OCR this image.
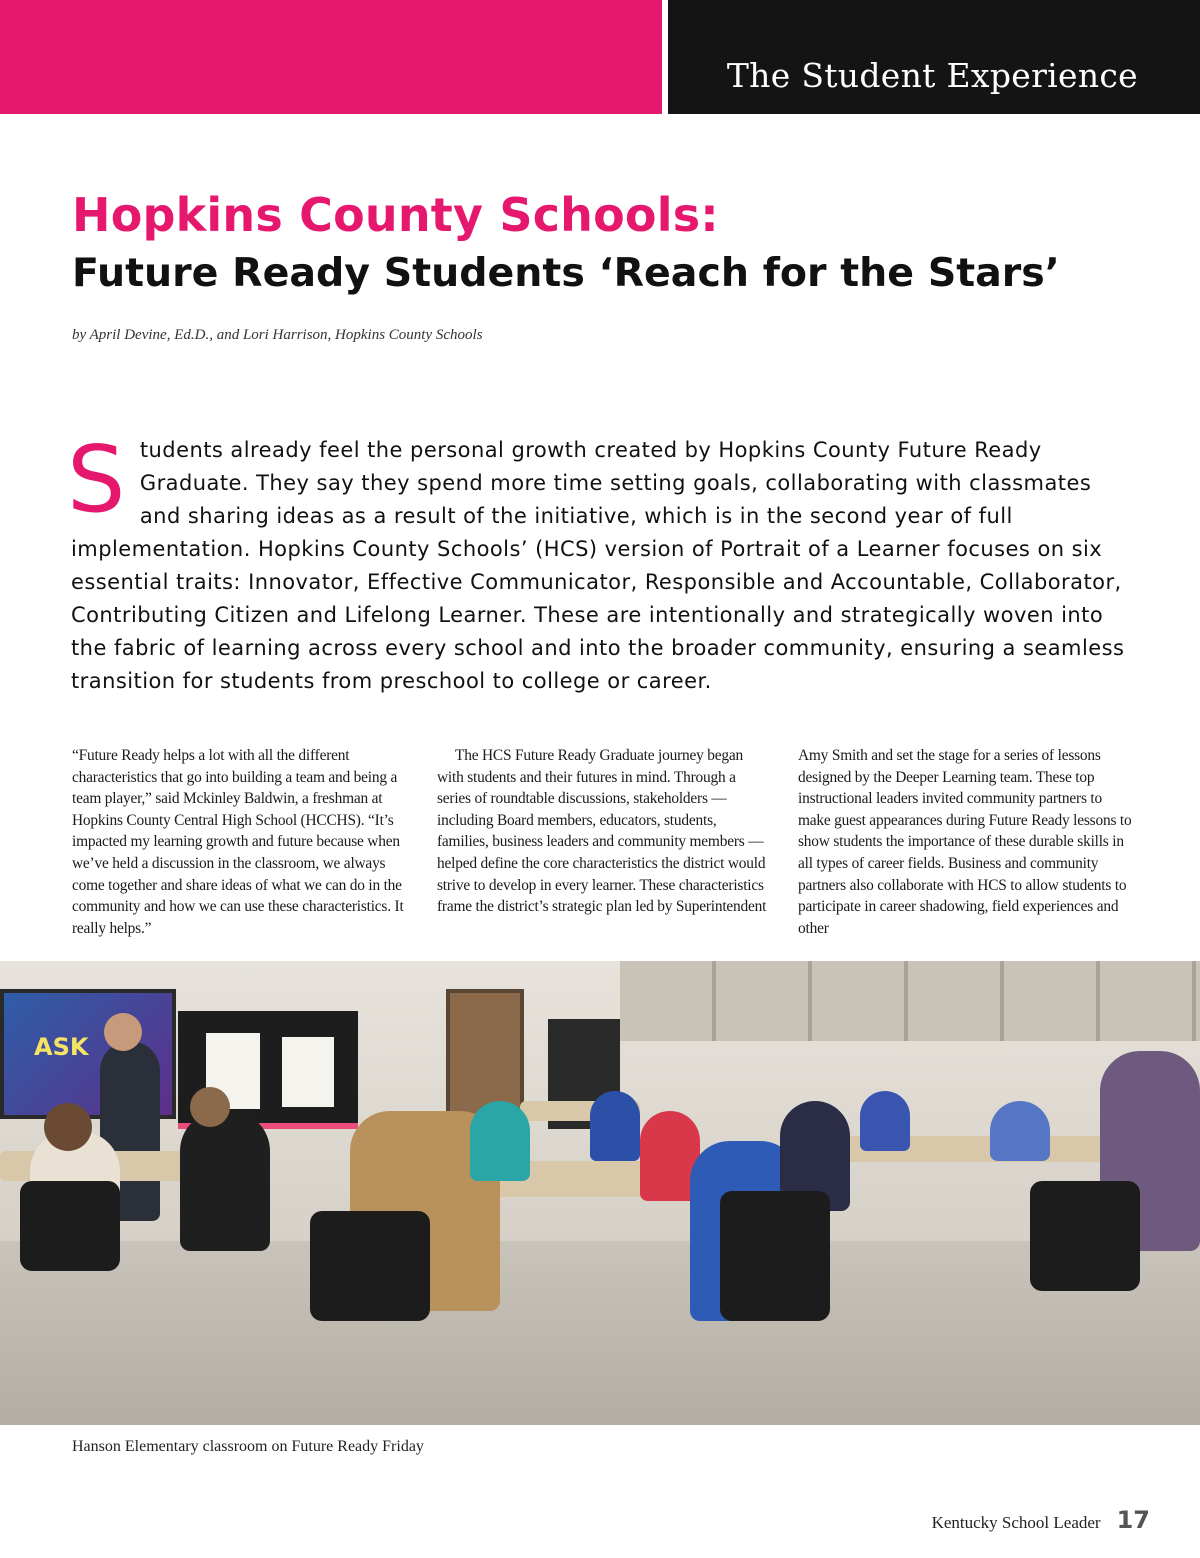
The Student Experience
Hopkins County Schools:
Future Ready Students ‘Reach for the Stars’
by April Devine, Ed.D., and Lori Harrison, Hopkins County Schools

Students already feel the personal growth created by Hopkins County Future Ready Graduate. They say they spend more time setting goals, collaborating with classmates and sharing ideas as a result of the initiative, which is in the second year of full implementation. Hopkins County Schools’ (HCS) version of Portrait of a Learner focuses on six essential traits: Innovator, Effective Communicator, Responsible and Accountable, Collaborator, Contributing Citizen and Lifelong Learner. These are intentionally and strategically woven into the fabric of learning across every school and into the broader community, ensuring a seamless transition for students from preschool to college or career.

“Future Ready helps a lot with all the different characteristics that go into building a team and being a team player,” said Mckinley Baldwin, a freshman at Hopkins County Central High School (HCCHS). “It’s impacted my learning growth and future because when we’ve held a discussion in the classroom, we always come together and share ideas of what we can do in the community and how we can use these characteristics. It really helps.”

The HCS Future Ready Graduate journey began with students and their futures in mind. Through a series of roundtable discussions, stakeholders — including Board members, educators, students, families, business leaders and community members — helped define the core characteristics the district would strive to develop in every learner. These characteristics frame the district’s strategic plan led by Superintendent

Amy Smith and set the stage for a series of lessons designed by the Deeper Learning team. These top instructional leaders invited community partners to make guest appearances during Future Ready lessons to show students the importance of these durable skills in all types of career fields. Business and community partners also collaborate with HCS to allow students to participate in career shadowing, field experiences and other

ASK
Hanson Elementary classroom on Future Ready Friday
Kentucky School Leader 17
